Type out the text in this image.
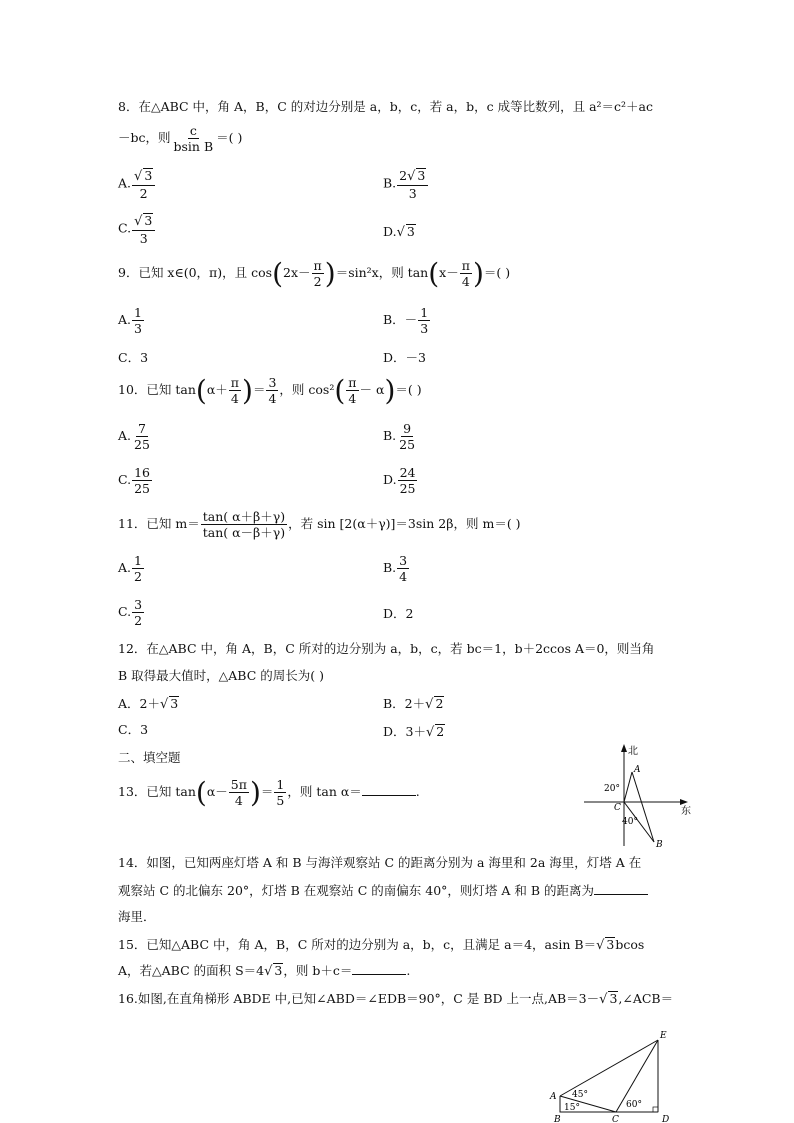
8．在△ABC 中，角 A，B，C 的对边分别是 a，b，c，若 a，b，c 成等比数列，且 a²＝c²＋ac
－bc，则 $\frac{c}{\text{bsin B}}$ ＝( )
A. $\frac{√ 3}{2}$	B. $\frac{2√ 3}{3}$
C. $\frac{√ 3}{3}$	D.√ 3
9．已知 x∈(0，π)，且 $\cos(2x- \frac{\pi}{2} )=\sin^2x$，则 $\tan(x- \frac{\pi}{4}$ )＝( )
A. $\frac{1}{3}$	B．－ $\frac{1}{3}$
C．3	D．－3
10．已知 $\tan(\alpha+ \frac{\pi}{4}$ )＝ $\frac{3}{4}$ ，则 $\cos^2( \frac{\pi}{4} - \alpha)=$( )
A. $\frac{7}{25}$	B. $\frac{9}{25}$
C. $\frac{16}{25}$	D. $\frac{24}{25}$
11．已知 $m= \frac{\tan( \alpha+\beta+\gamma)}{\tan( \alpha-\beta+\gamma)}$ ，若 sin [2(α＋γ)]＝3sin 2β，则 m＝( )
A. $\frac{1}{2}$	B. $\frac{3}{4}$
C. $\frac{3}{2}$	D．2
12．在△ABC 中，角 A，B，C 所对的边分别为 a，b，c，若 bc＝1，b＋2ccos A＝0，则当角
B 取得最大值时，△ABC 的周长为( )
A．2＋√ 3	B．2＋√ 2
C．3	D．3＋√ 2
二、填空题
13．已知 $\tan(\alpha- \frac{5\pi}{4}$ )＝ $\frac{1}{5}$ ，则 tan α＝	.
北
东
A
B
C
20°
40°
14．如图，已知两座灯塔 A 和 B 与海洋观察站 C 的距离分别为 a 海里和 2a 海里，灯塔 A 在
观察站 C 的北偏东 20°，灯塔 B 在观察站 C 的南偏东 40°，则灯塔 A 和 B 的距离为
海里．
15．已知△ABC 中，角 A，B，C 所对的边分别为 a，b，c，且满足 a＝4，asin B＝√ 3bcos
A，若△ABC 的面积 S＝4√ 3，则 b＋c＝	.
16.如图,在直角梯形 ABDE 中,已知∠ABD＝∠EDB＝90°，C 是 BD 上一点,AB＝3－√ 3,∠ACB＝
E
A
B	C	D
45°
15°	60°
